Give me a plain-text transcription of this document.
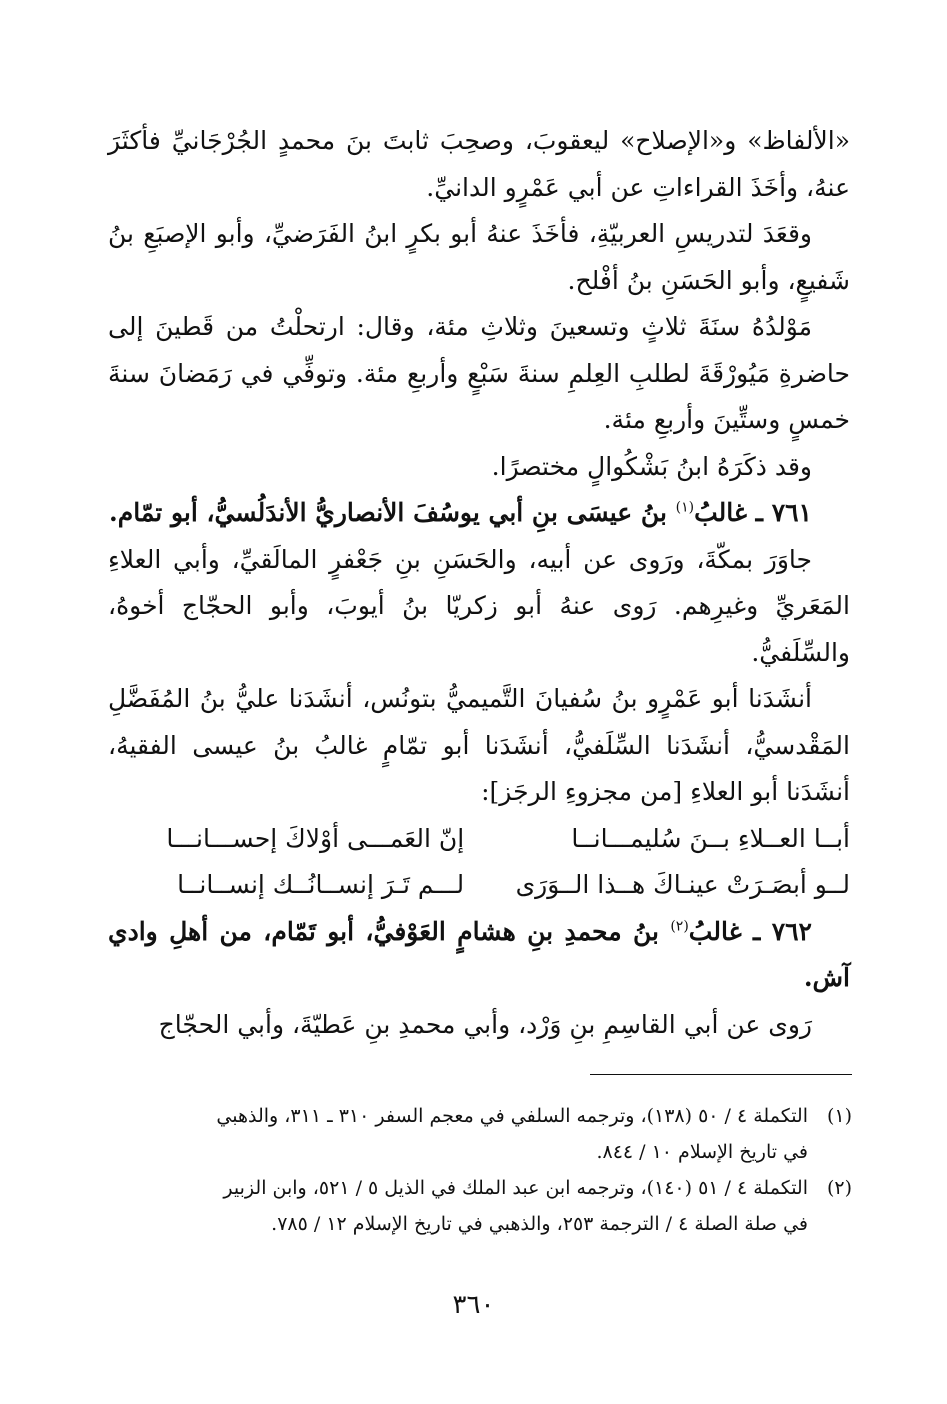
«الألفاظ» و«الإصلاح» ليعقوبَ، وصحِبَ ثابتَ بنَ محمدٍ الجُرْجَانيِّ فأكثَرَ عنهُ، وأخَذَ القراءاتِ عن أبي عَمْرٍو الدانيِّ.

وقعَدَ لتدريسِ العربيّةِ، فأخَذَ عنهُ أبو بكرٍ ابنُ الفَرَضيِّ، وأبو الإصبَعِ بنُ شَفيعٍ، وأبو الحَسَنِ بنُ أفْلح.

مَوْلدُهُ سنَةَ ثلاثٍ وتسعينَ وثلاثِ مئة، وقال: ارتحلْتُ من قَطينَ إلى حاضرةِ مَيُورْقَةَ لطلبِ العِلمِ سنةَ سَبْعٍ وأربعِ مئة. وتوفِّي في رَمَضانَ سنةَ خمسٍ وستِّينَ وأربعِ مئة.

وقد ذكَرَهُ ابنُ بَشْكُوالٍ مختصرًا.

٧٦١ ـ غالبُ$^{(١)}$ بنُ عيسَى بنِ أبي يوسُفَ الأنصاريُّ الأندَلُسيُّ، أبو تمّام.

جاوَرَ بمكّةَ، ورَوى عن أبيه، والحَسَنِ بنِ جَعْفرٍ المالَقيِّ، وأبي العلاءِ المَعَريِّ وغيرِهم. رَوى عنهُ أبو زكريّا بنُ أيوبَ، وأبو الحجّاج أخوهُ، والسِّلَفيُّ.

أنشَدَنا أبو عَمْرٍو بنُ سُفيانَ التَّميميُّ بتونُس، أنشَدَنا عليُّ بنُ المُفَضَّلِ المَقْدسيُّ، أنشَدَنا السِّلَفيُّ، أنشَدَنا أبو تمّامٍ غالبُ بنُ عيسى الفقيهُ، أنشَدَنا أبو العلاءِ [من مجزوءِ الرجَز]:

أبــا العــلاءِ بــنَ سُليمـــانــا
إنّ العَمـــى أوْلاكَ إحســـانـــا
لــو أبصَـرَتْ عينـاكَ هــذا الــوَرَى
لـــم تَـرَ إنســانُــك إنســانــا

٧٦٢ ـ غالبُ$^{(٢)}$ بنُ محمدِ بنِ هشامٍ العَوْفيُّ، أبو تَمّام، من أهلِ وادي آش.

رَوى عن أبي القاسِمِ بنِ وَرْد، وأبي محمدِ بنِ عَطيّةَ، وأبي الحجّاج

(١)
التكملة ٤ / ٥٠ (١٣٨)، وترجمه السلفي في معجم السفر ٣١٠ ـ ٣١١، والذهبي
في تاريخ الإسلام ١٠ / ٨٤٤.
(٢)
التكملة ٤ / ٥١ (١٤٠)، وترجمه ابن عبد الملك في الذيل ٥ / ٥٢١، وابن الزبير
في صلة الصلة ٤ / الترجمة ٢٥٣، والذهبي في تاريخ الإسلام ١٢ / ٧٨٥.
٣٦٠
